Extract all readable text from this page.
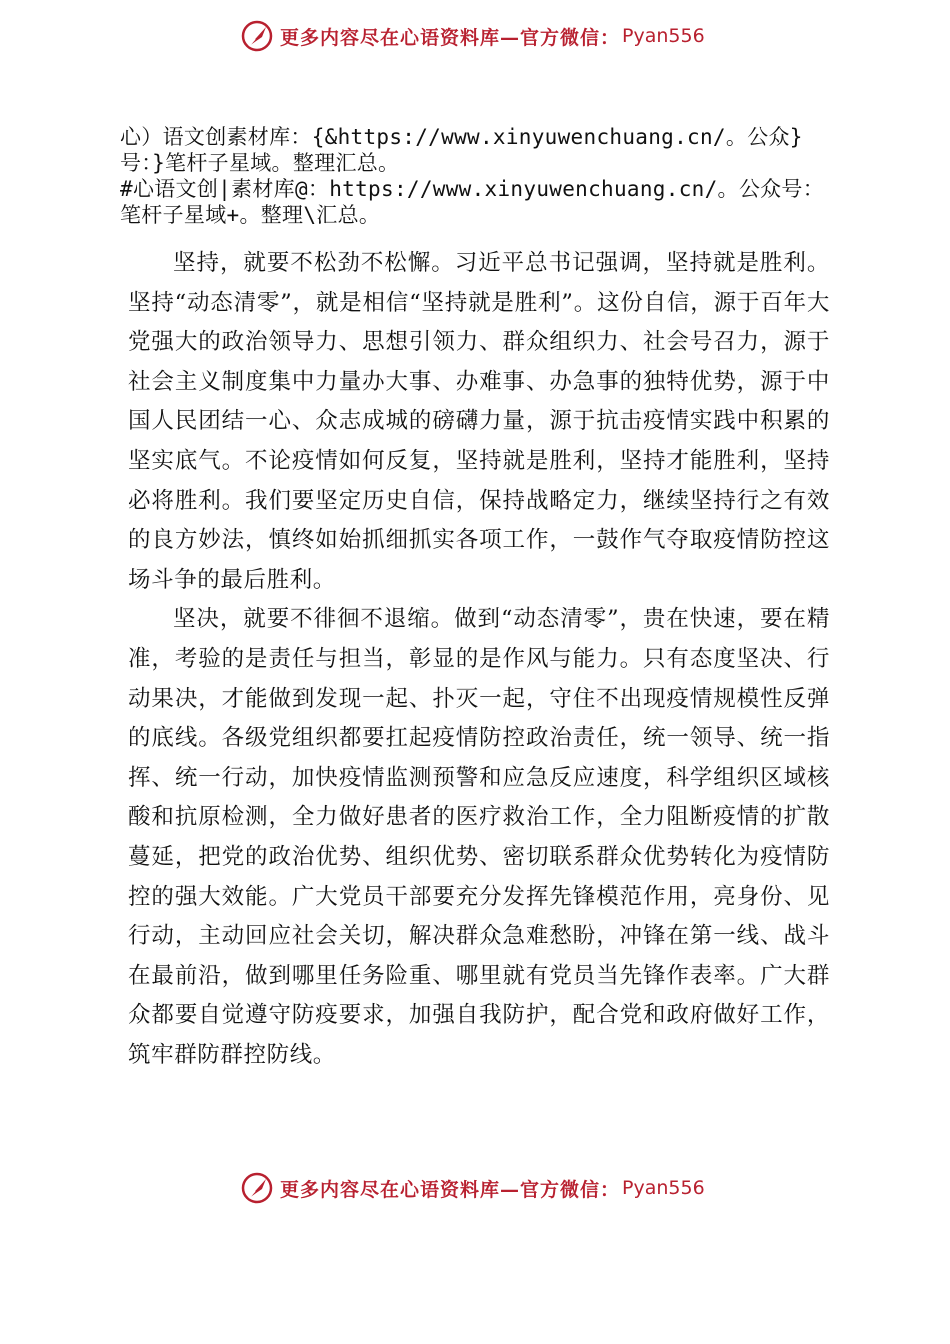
更多内容尽在心语资料库—官方微信： Pyan556
心）语文创素材库：{&https://www.xinyuwenchuang.cn/。公众}
号：}笔杆子星域。整理汇总。
#心语文创|素材库@：https://www.xinyuwenchuang.cn/。公众号：
笔杆子星域+。整理\汇总。

坚持，就要不松劲不松懈。习近平总书记强调，坚持就是胜利。坚持“动态清零”，就是相信“坚持就是胜利”。这份自信，源于百年大党强大的政治领导力、思想引领力、群众组织力、社会号召力，源于社会主义制度集中力量办大事、办难事、办急事的独特优势，源于中国人民团结一心、众志成城的磅礴力量，源于抗击疫情实践中积累的坚实底气。不论疫情如何反复，坚持就是胜利，坚持才能胜利，坚持必将胜利。我们要坚定历史自信，保持战略定力，继续坚持行之有效的良方妙法，慎终如始抓细抓实各项工作，一鼓作气夺取疫情防控这场斗争的最后胜利。

坚决，就要不徘徊不退缩。做到“动态清零”，贵在快速，要在精准，考验的是责任与担当，彰显的是作风与能力。只有态度坚决、行动果决，才能做到发现一起、扑灭一起，守住不出现疫情规模性反弹的底线。各级党组织都要扛起疫情防控政治责任，统一领导、统一指挥、统一行动，加快疫情监测预警和应急反应速度，科学组织区域核酸和抗原检测，全力做好患者的医疗救治工作，全力阻断疫情的扩散蔓延，把党的政治优势、组织优势、密切联系群众优势转化为疫情防控的强大效能。广大党员干部要充分发挥先锋模范作用，亮身份、见行动，主动回应社会关切，解决群众急难愁盼，冲锋在第一线、战斗在最前沿，做到哪里任务险重、哪里就有党员当先锋作表率。广大群众都要自觉遵守防疫要求，加强自我防护，配合党和政府做好工作，筑牢群防群控防线。

更多内容尽在心语资料库—官方微信： Pyan556
